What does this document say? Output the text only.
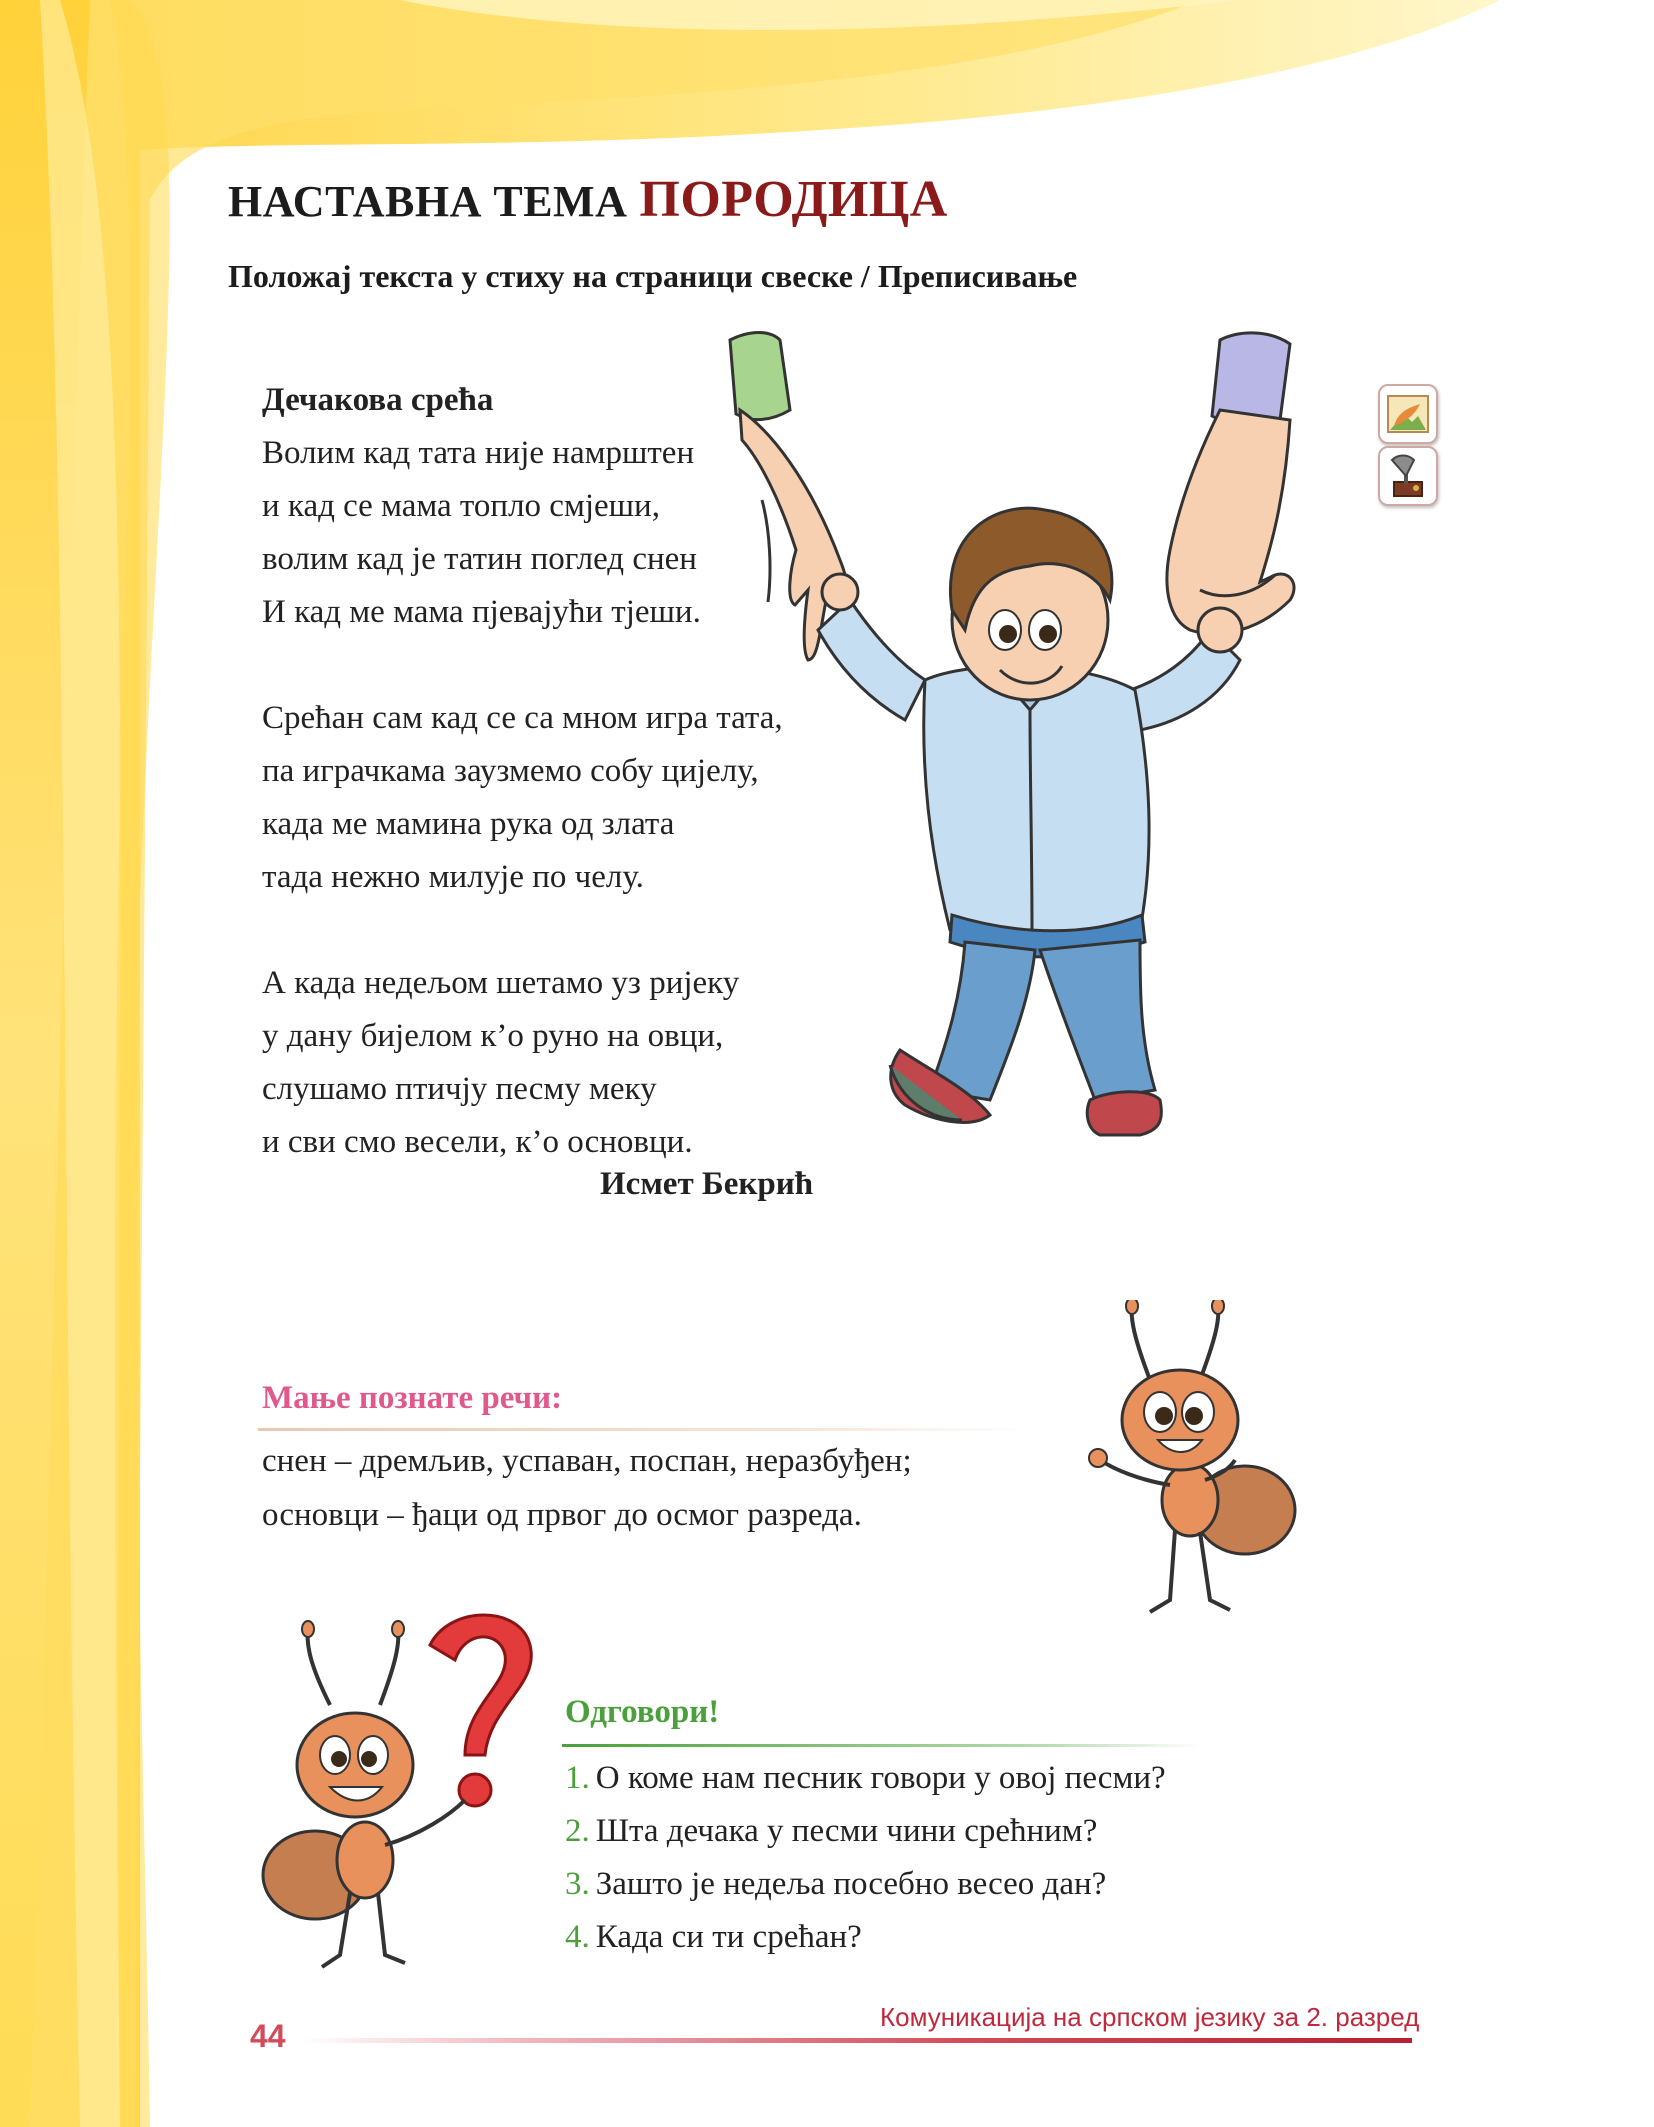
НАСТАВНА ТЕМА ПОРОДИЦА
Положај текста у стиху на страници свеске / Преписивање
Дечакова срећа
Волим кад тата није намрштен
и кад се мама топло смјеши,
волим кад је татин поглед снен
И кад ме мама пјевајући тјеши.
Срећан сам кад се са мном игра тата,
па играчкама заузмемо собу цијелу,
када ме мамина рука од злата
тада нежно милује по челу.
А када недељом шетамо уз ријеку
у дану бијелом к’о руно на овци,
слушамо птичју песму меку
и сви смо весели, к’о основци.
Исмет Бекрић
Мање познате речи:
снен – дремљив, успаван, поспан, неразбуђен;
основци – ђаци од првог до осмог разреда.
Одговори!
1. О коме нам песник говори у овој песми?
2. Шта дечака у песми чини срећним?
3. Зашто је недеља посебно весео дан?
4. Када си ти срећан?
Комуникација на српском језику за 2. разред
44
